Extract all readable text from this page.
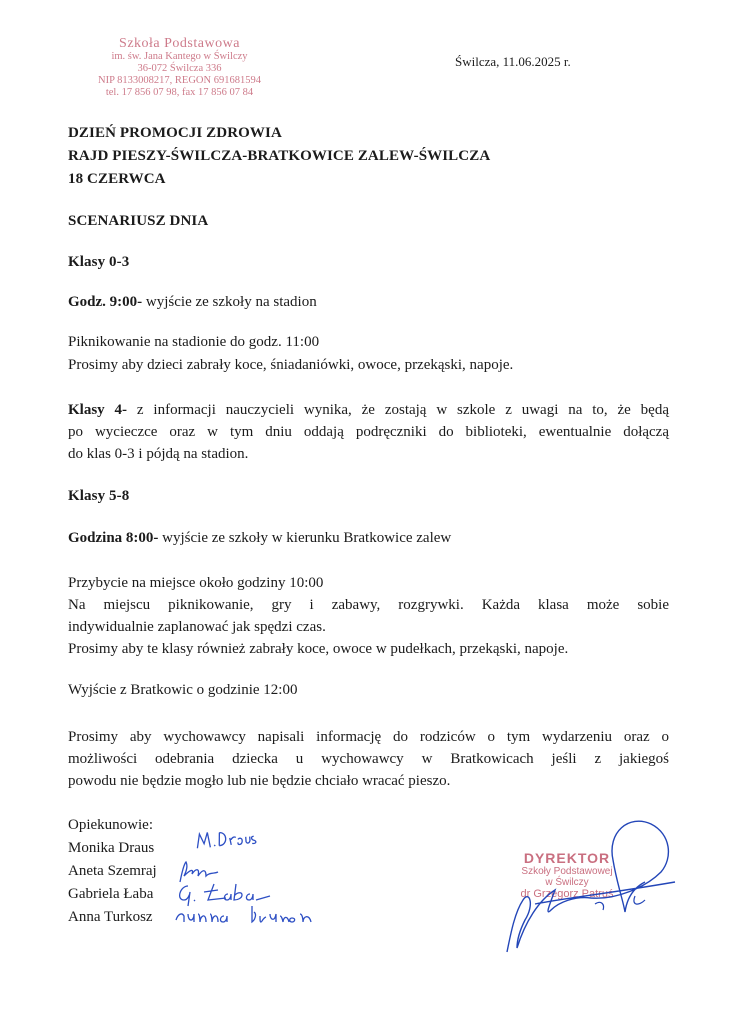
Szkoła Podstawowa
im. św. Jana Kantego w Świlczy
36-072 Świlcza 336
NIP 8133008217, REGON 691681594
tel. 17 856 07 98, fax 17 856 07 84
Świlcza, 11.06.2025 r.
DZIEŃ PROMOCJI ZDROWIA
RAJD PIESZY-ŚWILCZA-BRATKOWICE ZALEW-ŚWILCZA
18 CZERWCA
SCENARIUSZ DNIA
Klasy 0-3
Godz. 9:00- wyjście ze szkoły na stadion
Piknikowanie na stadionie do godz. 11:00
Prosimy aby dzieci zabrały koce, śniadaniówki, owoce, przekąski, napoje.
Klasy 4- z informacji nauczycieli wynika, że zostają w szkole z uwagi na to, że będą
po wycieczce oraz w tym dniu oddają podręczniki do biblioteki, ewentualnie dołączą
do klas 0-3 i pójdą na stadion.
Klasy 5-8
Godzina 8:00- wyjście ze szkoły w kierunku Bratkowice zalew
Przybycie na miejsce około godziny 10:00
Na miejscu piknikowanie, gry i zabawy, rozgrywki. Każda klasa może sobie
indywidualnie zaplanować jak spędzi czas.
Prosimy aby te klasy również zabrały koce, owoce w pudełkach, przekąski, napoje.
Wyjście z Bratkowic o godzinie 12:00
Prosimy aby wychowawcy napisali informację do rodziców o tym wydarzeniu oraz o
możliwości odebrania dziecka u wychowawcy w Bratkowicach jeśli z jakiegoś
powodu nie będzie mogło lub nie będzie chciało wracać pieszo.
Opiekunowie:
Monika Draus
Aneta Szemraj
Gabriela Łaba
Anna Turkosz
DYREKTOR
Szkoły Podstawowej
w Świlczy
dr Grzegorz Patruś
